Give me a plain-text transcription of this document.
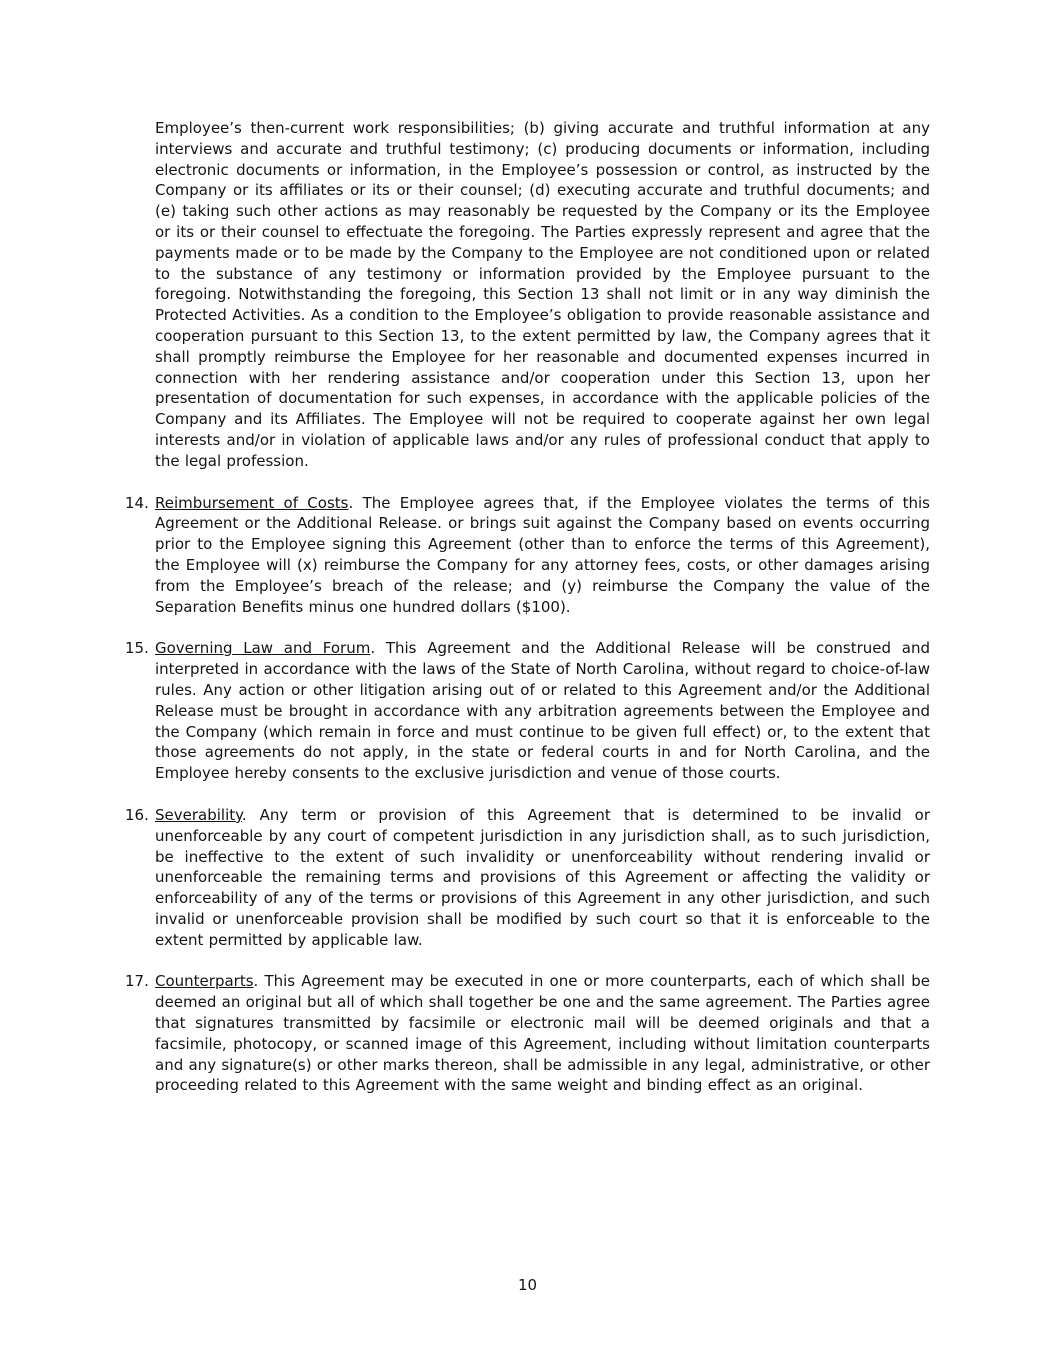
Employee’s then-current work responsibilities; (b) giving accurate and truthful information at any interviews and accurate and truthful testimony; (c) producing documents or information, including electronic documents or information, in the Employee’s possession or control, as instructed by the Company or its affiliates or its or their counsel; (d) executing accurate and truthful documents; and (e) taking such other actions as may reasonably be requested by the Company or its the Employee or its or their counsel to effectuate the foregoing. The Parties expressly represent and agree that the payments made or to be made by the Company to the Employee are not conditioned upon or related to the substance of any testimony or information provided by the Employee pursuant to the foregoing. Notwithstanding the foregoing, this Section 13 shall not limit or in any way diminish the Protected Activities. As a condition to the Employee’s obligation to provide reasonable assistance and cooperation pursuant to this Section 13, to the extent permitted by law, the Company agrees that it shall promptly reimburse the Employee for her reasonable and documented expenses incurred in connection with her rendering assistance and/or cooperation under this Section 13, upon her presentation of documentation for such expenses, in accordance with the applicable policies of the Company and its Affiliates. The Employee will not be required to cooperate against her own legal interests and/or in violation of applicable laws and/or any rules of professional conduct that apply to the legal profession.

14. Reimbursement of Costs. The Employee agrees that, if the Employee violates the terms of this Agreement or the Additional Release. or brings suit against the Company based on events occurring prior to the Employee signing this Agreement (other than to enforce the terms of this Agreement), the Employee will (x) reimburse the Company for any attorney fees, costs, or other damages arising from the Employee’s breach of the release; and (y) reimburse the Company the value of the Separation Benefits minus one hundred dollars ($100).

15. Governing Law and Forum. This Agreement and the Additional Release will be construed and interpreted in accordance with the laws of the State of North Carolina, without regard to choice-of-law rules. Any action or other litigation arising out of or related to this Agreement and/or the Additional Release must be brought in accordance with any arbitration agreements between the Employee and the Company (which remain in force and must continue to be given full effect) or, to the extent that those agreements do not apply, in the state or federal courts in and for North Carolina, and the Employee hereby consents to the exclusive jurisdiction and venue of those courts.

16. Severability. Any term or provision of this Agreement that is determined to be invalid or unenforceable by any court of competent jurisdiction in any jurisdiction shall, as to such jurisdiction, be ineffective to the extent of such invalidity or unenforceability without rendering invalid or unenforceable the remaining terms and provisions of this Agreement or affecting the validity or enforceability of any of the terms or provisions of this Agreement in any other jurisdiction, and such invalid or unenforceable provision shall be modified by such court so that it is enforceable to the extent permitted by applicable law.

17. Counterparts. This Agreement may be executed in one or more counterparts, each of which shall be deemed an original but all of which shall together be one and the same agreement. The Parties agree that signatures transmitted by facsimile or electronic mail will be deemed originals and that a facsimile, photocopy, or scanned image of this Agreement, including without limitation counterparts and any signature(s) or other marks thereon, shall be admissible in any legal, administrative, or other proceeding related to this Agreement with the same weight and binding effect as an original.

10
